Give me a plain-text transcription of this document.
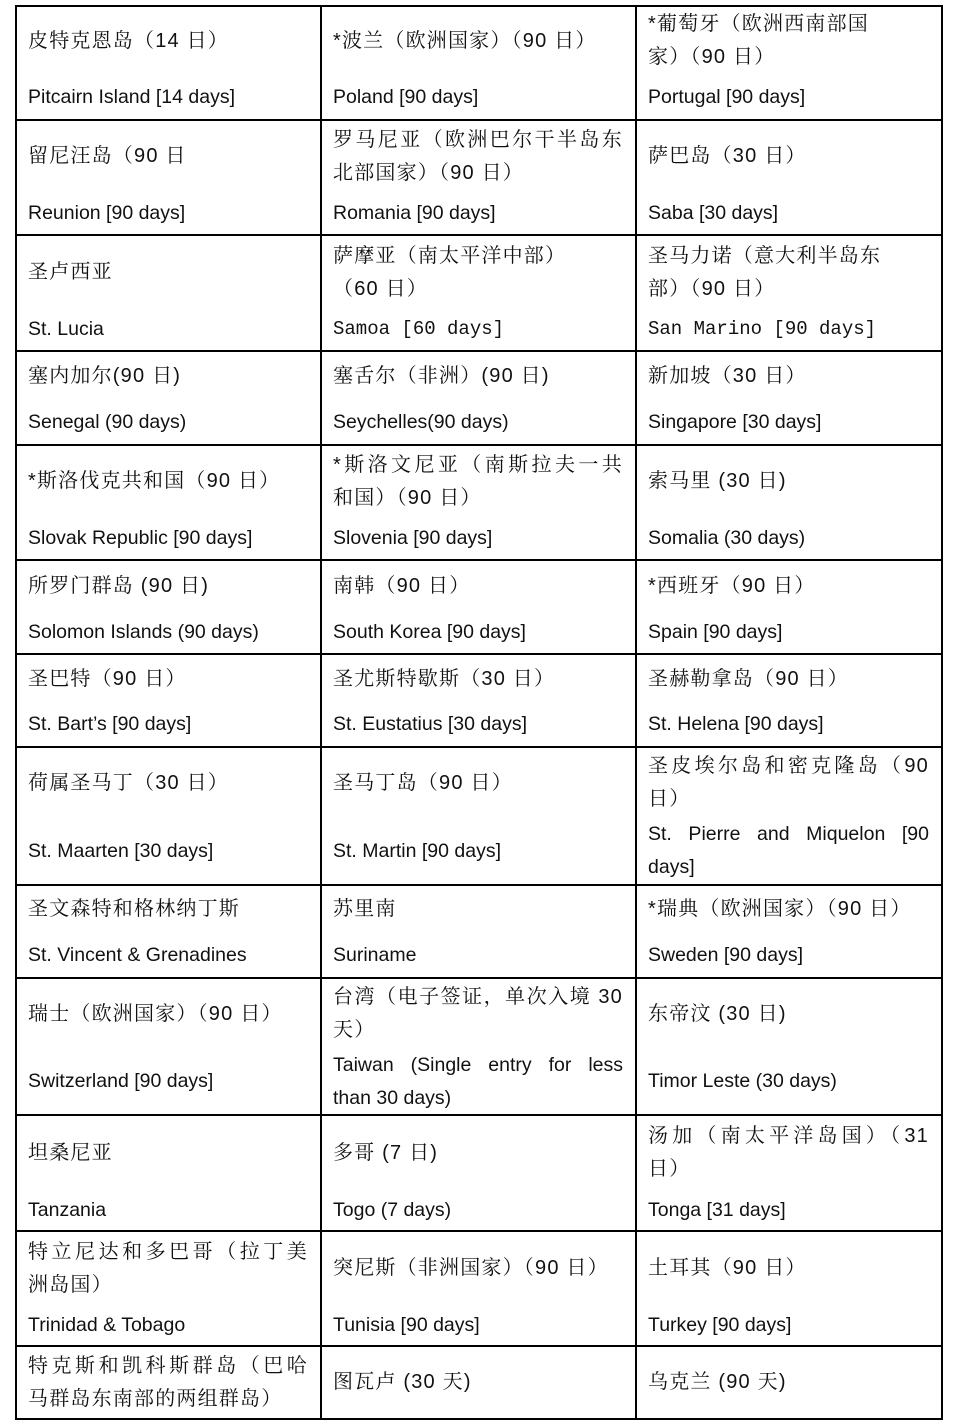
皮特克恩岛（14 日）
Pitcairn Island [14 days]
*波兰（欧洲国家）（90 日）
Poland [90 days]
*葡萄牙（欧洲西南部国
家）（90 日）
Portugal [90 days]
留尼汪岛（90 日
Reunion [90 days]
罗马尼亚（欧洲巴尔干半岛东
北部国家）（90 日）
Romania [90 days]
萨巴岛（30 日）
Saba [30 days]
圣卢西亚
St. Lucia
萨摩亚（南太平洋中部）
（60 日）
Samoa [60 days]
圣马力诺（意大利半岛东
部）（90 日）
San Marino [90 days]
塞内加尔(90 日)
Senegal (90 days)
塞舌尔（非洲）(90 日)
Seychelles(90 days)
新加坡（30 日）
Singapore [30 days]
*斯洛伐克共和国（90 日）
Slovak Republic [90 days]
*斯洛文尼亚（南斯拉夫一共
和国）（90 日）
Slovenia [90 days]
索马里 (30 日)
Somalia (30 days)
所罗门群岛 (90 日)
Solomon Islands (90 days)
南韩（90 日）
South Korea [90 days]
*西班牙（90 日）
Spain [90 days]
圣巴特（90 日）
St. Bart’s [90 days]
圣尤斯特歇斯（30 日）
St. Eustatius [30 days]
圣赫勒拿岛（90 日）
St. Helena [90 days]
荷属圣马丁（30 日）
St. Maarten [30 days]
圣马丁岛（90 日）
St. Martin [90 days]
圣皮埃尔岛和密克隆岛（90
日）
St. Pierre and Miquelon [90
days]
圣文森特和格林纳丁斯
St. Vincent & Grenadines
苏里南
Suriname
*瑞典（欧洲国家）（90 日）
Sweden [90 days]
瑞士（欧洲国家）（90 日）
Switzerland [90 days]
台湾（电子签证，单次入境 30
天）
Taiwan (Single entry for less
than 30 days)
东帝汶 (30 日)
Timor Leste (30 days)
坦桑尼亚
Tanzania
多哥 (7 日)
Togo (7 days)
汤加（南太平洋岛国）（31
日）
Tonga [31 days]
特立尼达和多巴哥（拉丁美
洲岛国）
Trinidad & Tobago
突尼斯（非洲国家）（90 日）
Tunisia [90 days]
土耳其（90 日）
Turkey [90 days]
特克斯和凯科斯群岛（巴哈
马群岛东南部的两组群岛）
图瓦卢 (30 天)	乌克兰 (90 天)
